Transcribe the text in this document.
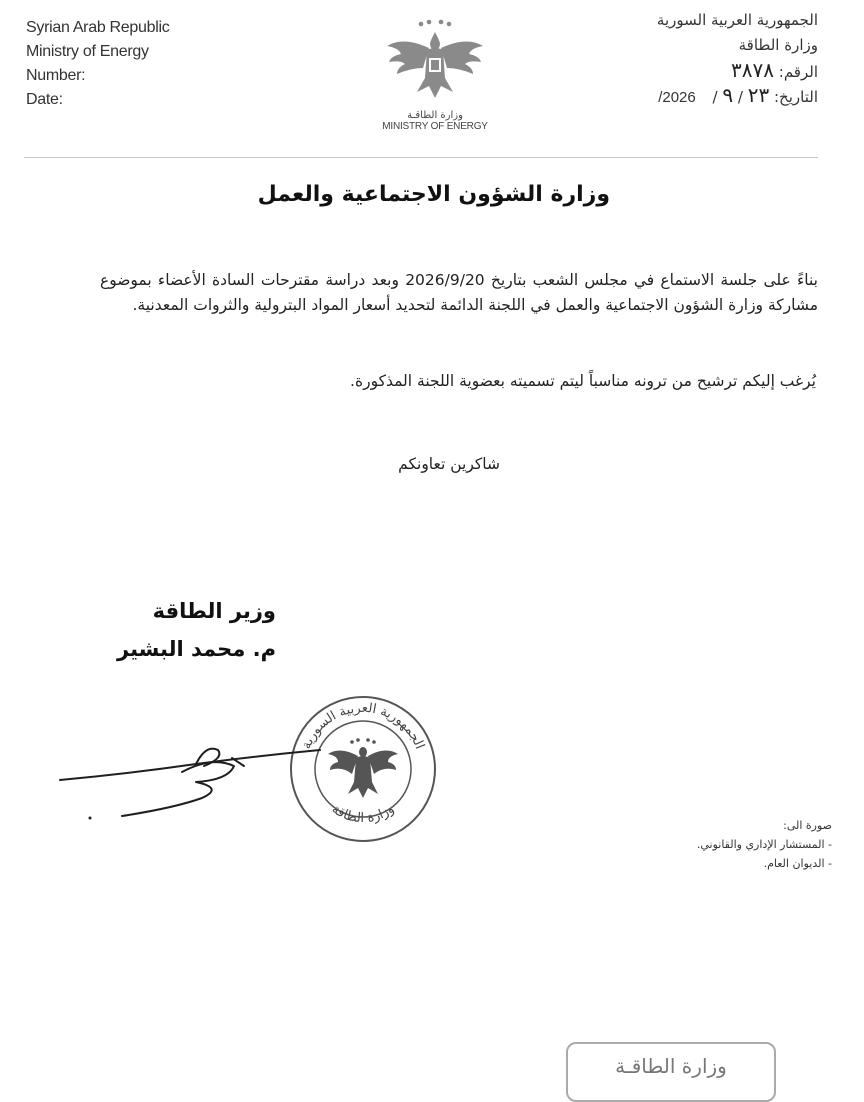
Syrian Arab Republic
Ministry of Energy
Number:
Date:
الجمهورية العربية السورية
وزارة الطاقة
الرقم: ٣٨٧٨
التاريخ: ٢٣ / ٩ / 2026/
وزارة الطاقـة
MINISTRY OF ENERGY
وزارة الشؤون الاجتماعية والعمل
بناءً على جلسة الاستماع في مجلس الشعب بتاريخ 2026/9/20 وبعد دراسة مقترحات السادة الأعضاء بموضوع مشاركة وزارة الشؤون الاجتماعية والعمل في اللجنة الدائمة لتحديد أسعار المواد البترولية والثروات المعدنية.
يُرغب إليكم ترشيح من ترونه مناسباً ليتم تسميته بعضوية اللجنة المذكورة.
شاكرين تعاونكم
وزير الطاقة
م. محمد البشير
الجمهورية العربية السورية
وزارة الطاقة
صورة الى:
- المستشار الإداري والقانوني.
- الديوان العام.
وزارة الطاقـة
